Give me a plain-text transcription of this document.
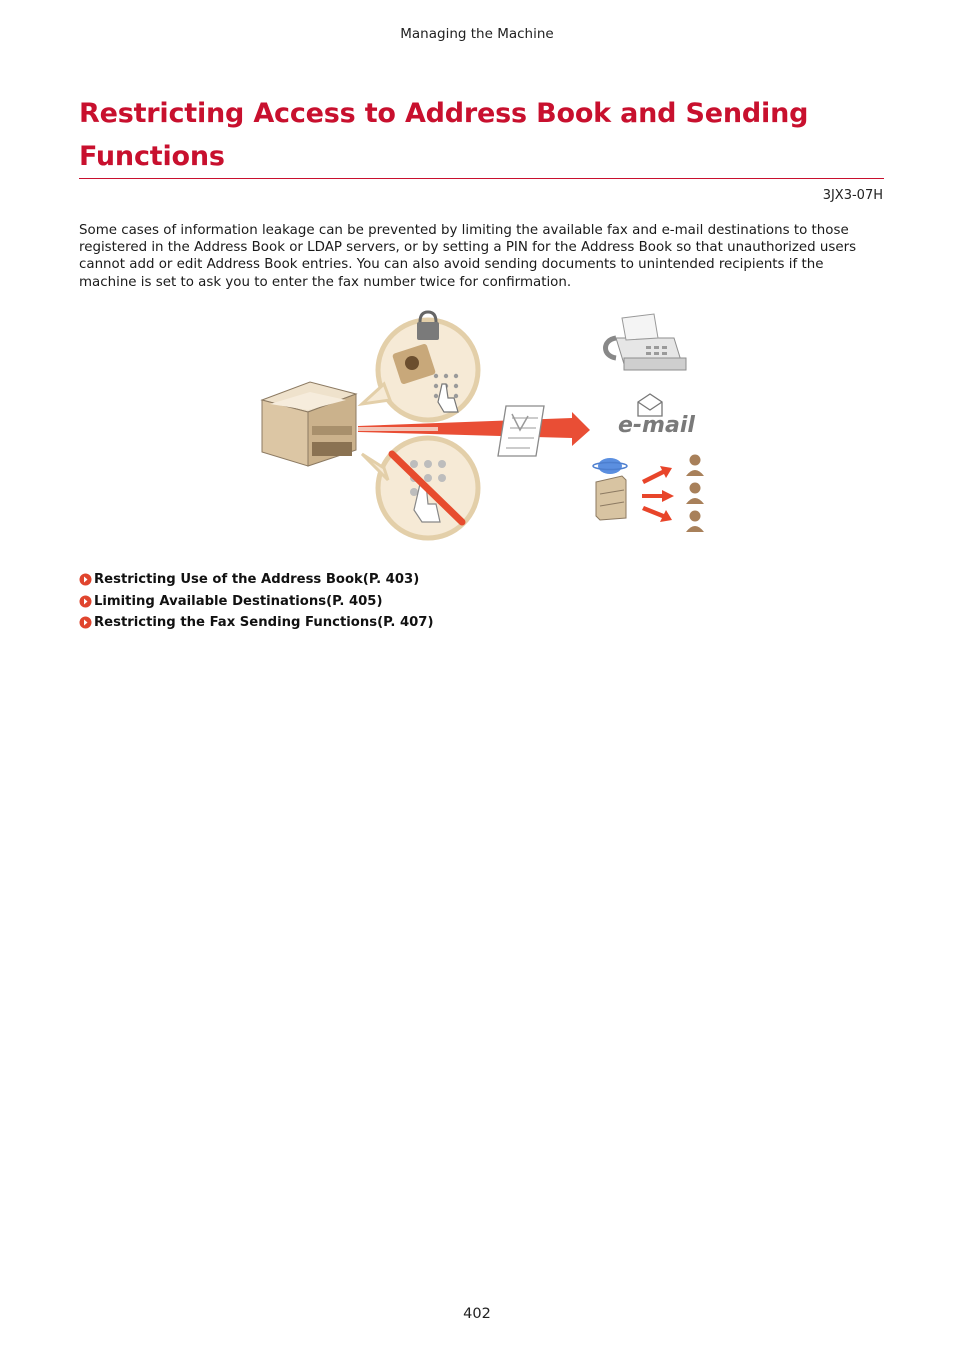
Managing the Machine
Restricting Access to Address Book and Sending Functions
3JX3-07H

Some cases of information leakage can be prevented by limiting the available fax and e-mail destinations to those registered in the Address Book or LDAP servers, or by setting a PIN for the Address Book so that unauthorized users cannot add or edit Address Book entries. You can also avoid sending documents to unintended recipients if the machine is set to ask you to enter the fax number twice for confirmation.

e-mail
Restricting Use of the Address Book(P. 403)
Limiting Available Destinations(P. 405)
Restricting the Fax Sending Functions(P. 407)
402
